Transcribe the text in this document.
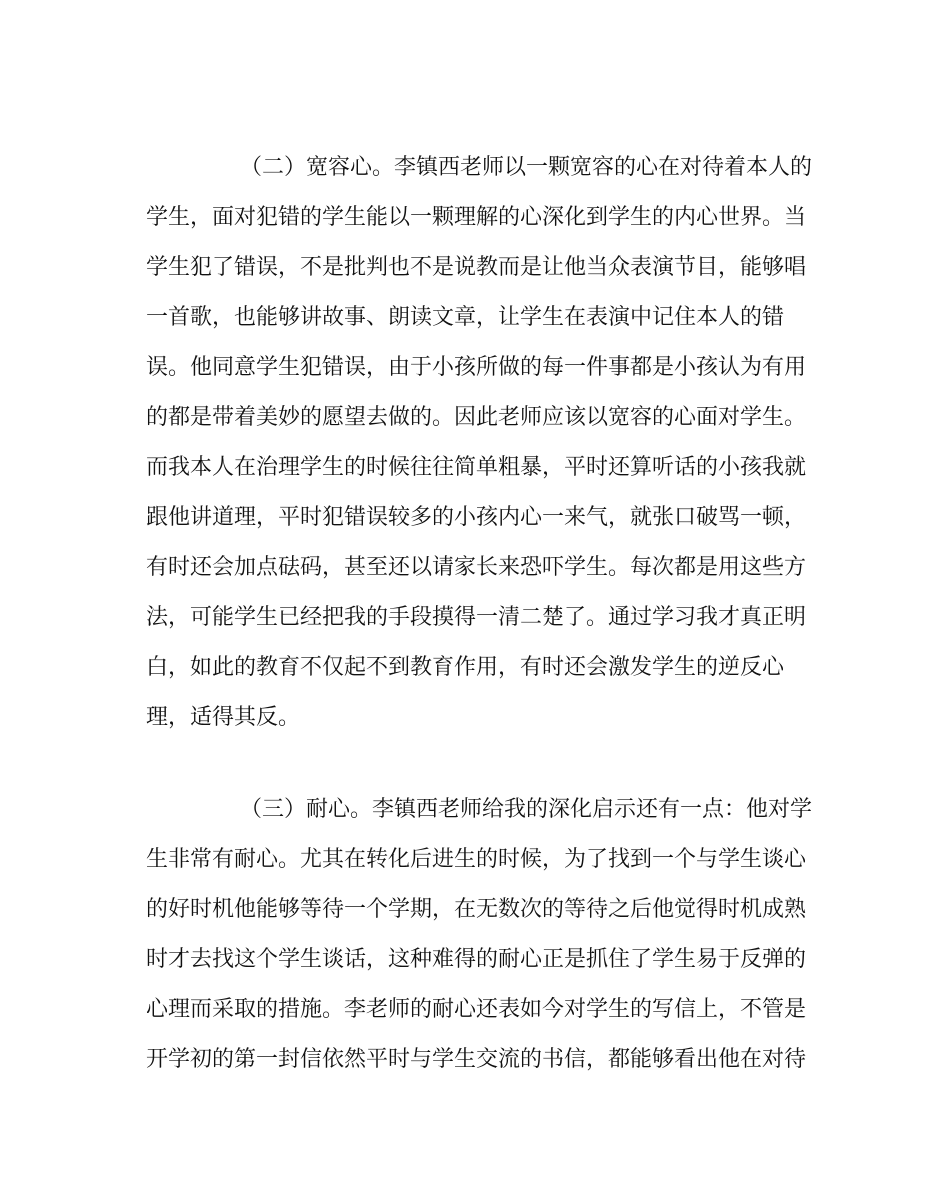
（二）宽容心。李镇西老师以一颗宽容的心在对待着本人的
学生，面对犯错的学生能以一颗理解的心深化到学生的内心世界。当
学生犯了错误，不是批判也不是说教而是让他当众表演节目，能够唱
一首歌，也能够讲故事、朗读文章，让学生在表演中记住本人的错
误。他同意学生犯错误，由于小孩所做的每一件事都是小孩认为有用
的都是带着美妙的愿望去做的。因此老师应该以宽容的心面对学生。
而我本人在治理学生的时候往往简单粗暴，平时还算听话的小孩我就
跟他讲道理，平时犯错误较多的小孩内心一来气，就张口破骂一顿，
有时还会加点砝码，甚至还以请家长来恐吓学生。每次都是用这些方
法，可能学生已经把我的手段摸得一清二楚了。通过学习我才真正明
白，如此的教育不仅起不到教育作用，有时还会激发学生的逆反心
理，适得其反。
（三）耐心。李镇西老师给我的深化启示还有一点：他对学
生非常有耐心。尤其在转化后进生的时候，为了找到一个与学生谈心
的好时机他能够等待一个学期，在无数次的等待之后他觉得时机成熟
时才去找这个学生谈话，这种难得的耐心正是抓住了学生易于反弹的
心理而采取的措施。李老师的耐心还表如今对学生的写信上，不管是
开学初的第一封信依然平时与学生交流的书信，都能够看出他在对待
